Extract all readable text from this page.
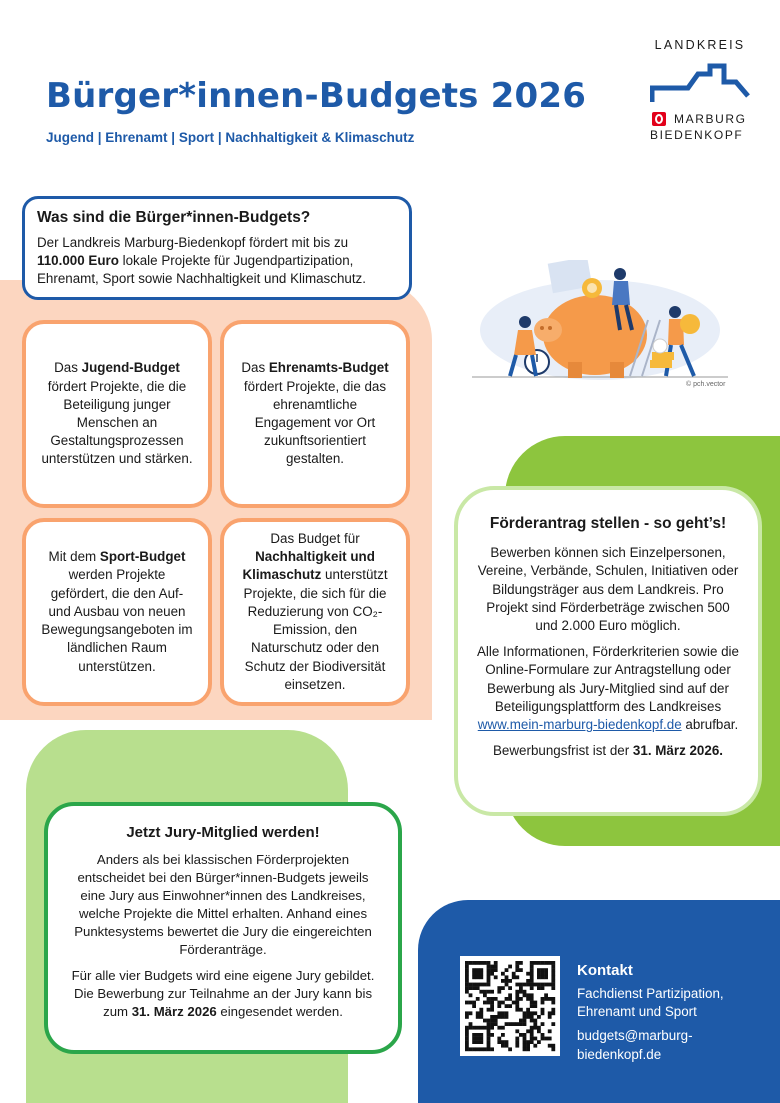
Bürger*innen-Budgets 2026
Jugend | Ehrenamt | Sport | Nachhaltigkeit & Klimaschutz
LANDKREIS
MARBURG
BIEDENKOPF
Was sind die Bürger*innen-Budgets?

Der Landkreis Marburg-Biedenkopf fördert mit bis zu 110.000 Euro lokale Projekte für Jugendpartizipation, Ehrenamt, Sport sowie Nachhaltigkeit und Klimaschutz.

Das Jugend-Budget fördert Projekte, die die Beteiligung junger Menschen an Gestaltungsprozessen unterstützen und stärken.
Das Ehrenamts-Budget fördert Projekte, die das ehrenamtliche Engagement vor Ort zukunftsorientiert gestalten.
Mit dem Sport-Budget werden Projekte gefördert, die den Auf- und Ausbau von neuen Bewegungsangeboten im ländlichen Raum unterstützen.
Das Budget für Nachhaltigkeit und Klimaschutz unterstützt Projekte, die sich für die Reduzierung von CO₂-Emission, den Naturschutz oder den Schutz der Biodiversität einsetzen.
© pch.vector
Förderantrag stellen - so geht’s!

Bewerben können sich Einzelpersonen, Vereine, Verbände, Schulen, Initiativen oder Bildungsträger aus dem Landkreis. Pro Projekt sind Förderbeträge zwischen 500 und 2.000 Euro möglich.

Alle Informationen, Förderkriterien sowie die Online-Formulare zur Antragstellung oder Bewerbung als Jury-Mitglied sind auf der Beteiligungsplattform des Landkreises www.mein-marburg-biedenkopf.de abrufbar.

Bewerbungsfrist ist der 31. März 2026.

Jetzt Jury-Mitglied werden!

Anders als bei klassischen Förderprojekten entscheidet bei den Bürger*innen-Budgets jeweils eine Jury aus Einwohner*innen des Landkreises, welche Projekte die Mittel erhalten. Anhand eines Punktesystems bewertet die Jury die eingereichten Förderanträge.

Für alle vier Budgets wird eine eigene Jury gebildet. Die Bewerbung zur Teilnahme an der Jury kann bis zum 31. März 2026 eingesendet werden.

Kontakt

Fachdienst Partizipation, Ehrenamt und Sport

budgets@marburg-biedenkopf.de
